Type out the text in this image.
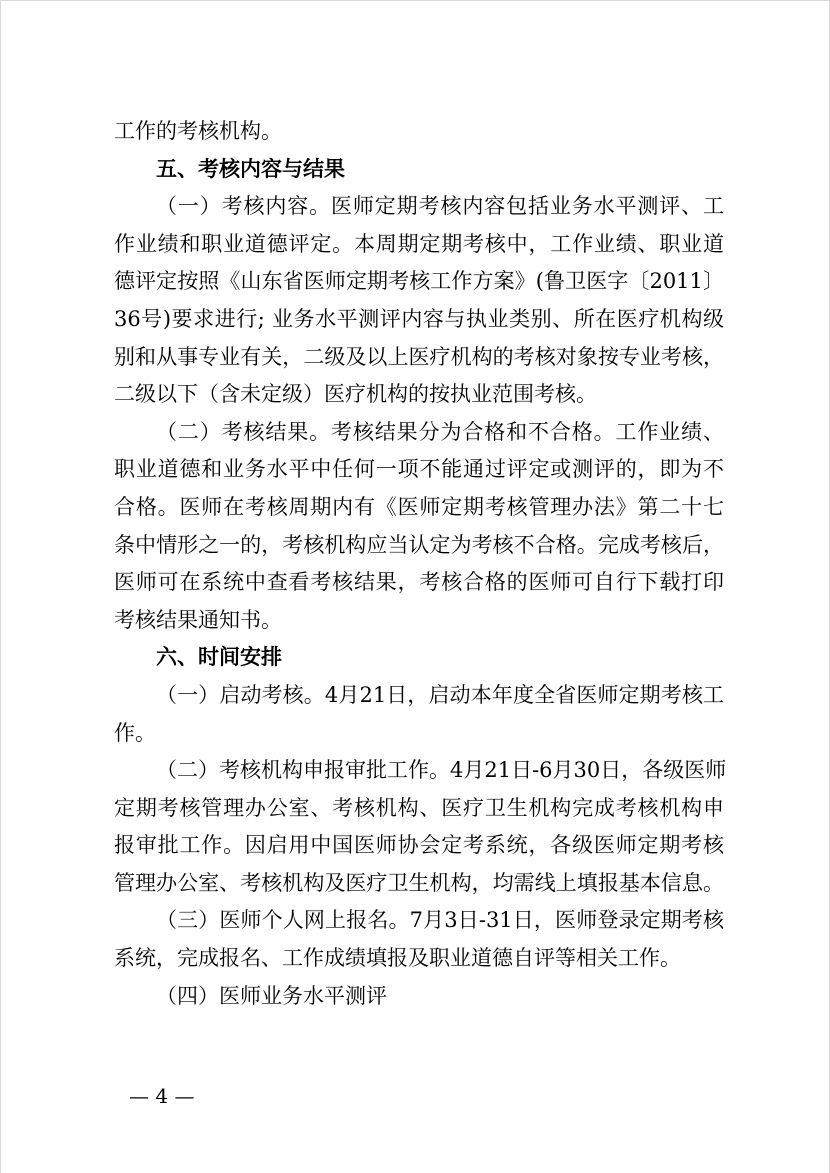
工作的考核机构。
五、考核内容与结果
（一）考核内容。医师定期考核内容包括业务水平测评、工
作业绩和职业道德评定。本周期定期考核中，工作业绩、职业道
德评定按照《山东省医师定期考核工作方案》(鲁卫医字〔2011〕
36号)要求进行; 业务水平测评内容与执业类别、所在医疗机构级
别和从事专业有关，二级及以上医疗机构的考核对象按专业考核，
二级以下（含未定级）医疗机构的按执业范围考核。
（二）考核结果。考核结果分为合格和不合格。工作业绩、
职业道德和业务水平中任何一项不能通过评定或测评的，即为不
合格。医师在考核周期内有《医师定期考核管理办法》第二十七
条中情形之一的，考核机构应当认定为考核不合格。完成考核后，
医师可在系统中查看考核结果，考核合格的医师可自行下载打印
考核结果通知书。
六、时间安排
（一）启动考核。4月21日，启动本年度全省医师定期考核工
作。
（二）考核机构申报审批工作。4月21日-6月30日，各级医师
定期考核管理办公室、考核机构、医疗卫生机构完成考核机构申
报审批工作。因启用中国医师协会定考系统，各级医师定期考核
管理办公室、考核机构及医疗卫生机构，均需线上填报基本信息。
（三）医师个人网上报名。7月3日-31日，医师登录定期考核
系统，完成报名、工作成绩填报及职业道德自评等相关工作。
（四）医师业务水平测评
— 4 —
